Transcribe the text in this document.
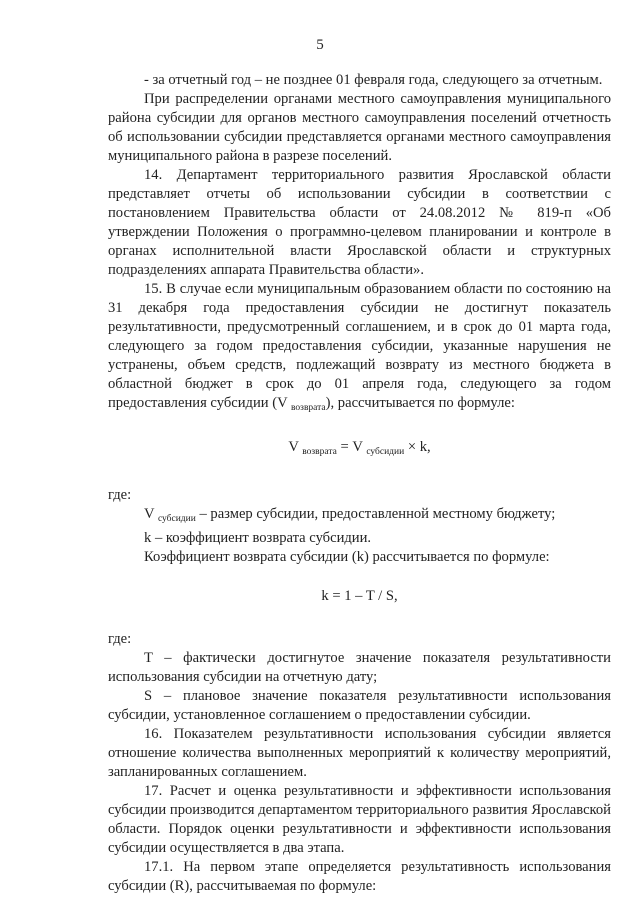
5

- за отчетный год – не позднее 01 февраля года, следующего за отчетным.

При распределении органами местного самоуправления муниципального района субсидии для органов местного самоуправления поселений отчетность об использовании субсидии представляется органами местного самоуправления муниципального района в разрезе поселений.

14. Департамент территориального развития Ярославской области представляет отчеты об использовании субсидии в соответствии с постановлением Правительства области от 24.08.2012 № 819-п «Об утверждении Положения о программно-целевом планировании и контроле в органах исполнительной власти Ярославской области и структурных подразделениях аппарата Правительства области».

15. В случае если муниципальным образованием области по состоянию на 31 декабря года предоставления субсидии не достигнут показатель результативности, предусмотренный соглашением, и в срок до 01 марта года, следующего за годом предоставления субсидии, указанные нарушения не устранены, объем средств, подлежащий возврату из местного бюджета в областной бюджет в срок до 01 апреля года, следующего за годом предоставления субсидии (V $_{возврата}$), рассчитывается по формуле:

V $_{возврата}$ = V $_{субсидии}$ × k,

где:

V $_{субсидии}$ – размер субсидии, предоставленной местному бюджету;

k – коэффициент возврата субсидии.

Коэффициент возврата субсидии (k) рассчитывается по формуле:

k = 1 – T / S,

где:

T – фактически достигнутое значение показателя результативности использования субсидии на отчетную дату;

S – плановое значение показателя результативности использования субсидии, установленное соглашением о предоставлении субсидии.

16. Показателем результативности использования субсидии является отношение количества выполненных мероприятий к количеству мероприятий, запланированных соглашением.

17. Расчет и оценка результативности и эффективности использования субсидии производится департаментом территориального развития Ярославской области. Порядок оценки результативности и эффективности использования субсидии осуществляется в два этапа.

17.1. На первом этапе определяется результативность использования субсидии (R), рассчитываемая по формуле:
